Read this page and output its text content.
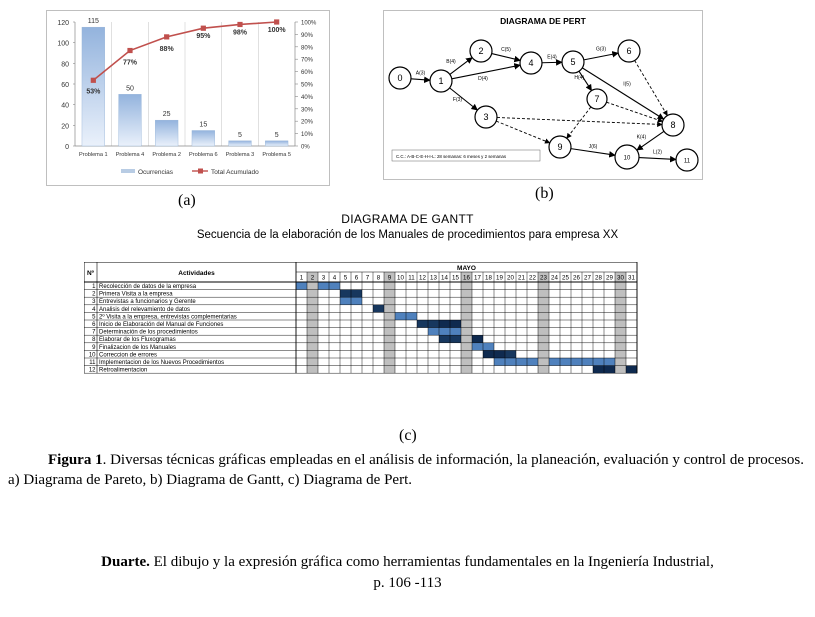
0
20
40
60
80
100
120
0%
10%
20%
30%
40%
50%
60%
70%
80%
90%
100%
115
Problema 1
50
Problema 4
25
Problema 2
15
Problema 6
5
Problema 3
5
Problema 5
53%
77%
88%
95%
98%	100%
Ocurrencias	Total Acumulado
(a)
DIAGRAMA DE PERT
A(3)
B(4)
F(3)
D(4)
C(5)
E(4)
G(3)
H(4)
I(5)
J(6)
K(4)
L(2)
0	1
2
3
4	5
6
7
8
9
10	11
C.C.: A-B-C-E-H-I-L: 28 semanas: 6 meses y 2 semanas
(b)
DIAGRAMA DE GANTT
Secuencia de la elaboración de los Manuales de procedimientos para empresa XX
Nº	Actividades
MAYO
1 2 3 4 5 6 7 8 9 10 11 12 13 14 15 16 17 18 19 20 21 22 23 24 25 26 27 28 29 30 31
1 Recolección de datos de la empresa
2 Primera Visita a la empresa
3 Entrevistas a funcionarios y Gerente
4 Analisis del relevamiento de datos
5 2º Visita a la empresa, entrevistas complementarias
6 Inicio de Elaboración del Manual de Funciones
7 Determinación de los procedimientos
8 Elaborar de los Fluxogramas
9 Finalizacion de los Manuales
10 Correccion de errores
11 Implementacion de los Nuevos Procedimientos
12 Retroalimentacion
(c)
Figura 1. Diversas técnicas gráficas empleadas en el análisis de información, la planeación, evaluación y control de procesos. a) Diagrama de Pareto, b) Diagrama de Gantt, c) Diagrama de Pert.
Duarte. El dibujo y la expresión gráfica como herramientas fundamentales en la Ingeniería Industrial,
p. 106 -113
